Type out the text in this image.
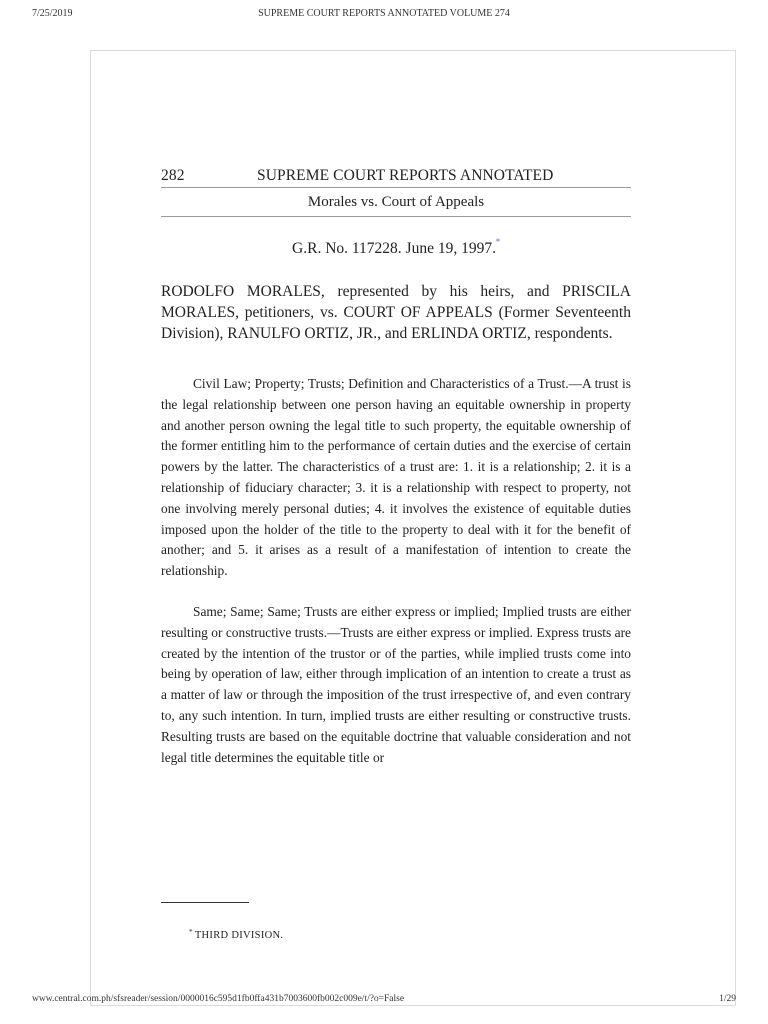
7/25/2019	SUPREME COURT REPORTS ANNOTATED VOLUME 274
282	SUPREME COURT REPORTS ANNOTATED
Morales vs. Court of Appeals
G.R. No. 117228. June 19, 1997.*
RODOLFO MORALES, represented by his heirs, and PRISCILA MORALES, petitioners, vs. COURT OF APPEALS (Former Seventeenth Division), RANULFO ORTIZ, JR., and ERLINDA ORTIZ, respondents.

Civil Law; Property; Trusts; Definition and Characteristics of a Trust.—A trust is the legal relationship between one person having an equitable ownership in property and another person owning the legal title to such property, the equitable ownership of the former entitling him to the performance of certain duties and the exercise of certain powers by the latter. The characteristics of a trust are: 1. it is a relationship; 2. it is a relationship of fiduciary character; 3. it is a relationship with respect to property, not one involving merely personal duties; 4. it involves the existence of equitable duties imposed upon the holder of the title to the property to deal with it for the benefit of another; and 5. it arises as a result of a manifestation of intention to create the relationship.

Same; Same; Same; Trusts are either express or implied; Implied trusts are either resulting or constructive trusts.—Trusts are either express or implied. Express trusts are created by the intention of the trustor or of the parties, while implied trusts come into being by operation of law, either through implication of an intention to create a trust as a matter of law or through the imposition of the trust irrespective of, and even contrary to, any such intention. In turn, implied trusts are either resulting or constructive trusts. Resulting trusts are based on the equitable doctrine that valuable consideration and not legal title determines the equitable title or

* THIRD DIVISION.
www.central.com.ph/sfsreader/session/0000016c595d1fb0ffa431b7003600fb002c009e/t/?o=False	1/29
